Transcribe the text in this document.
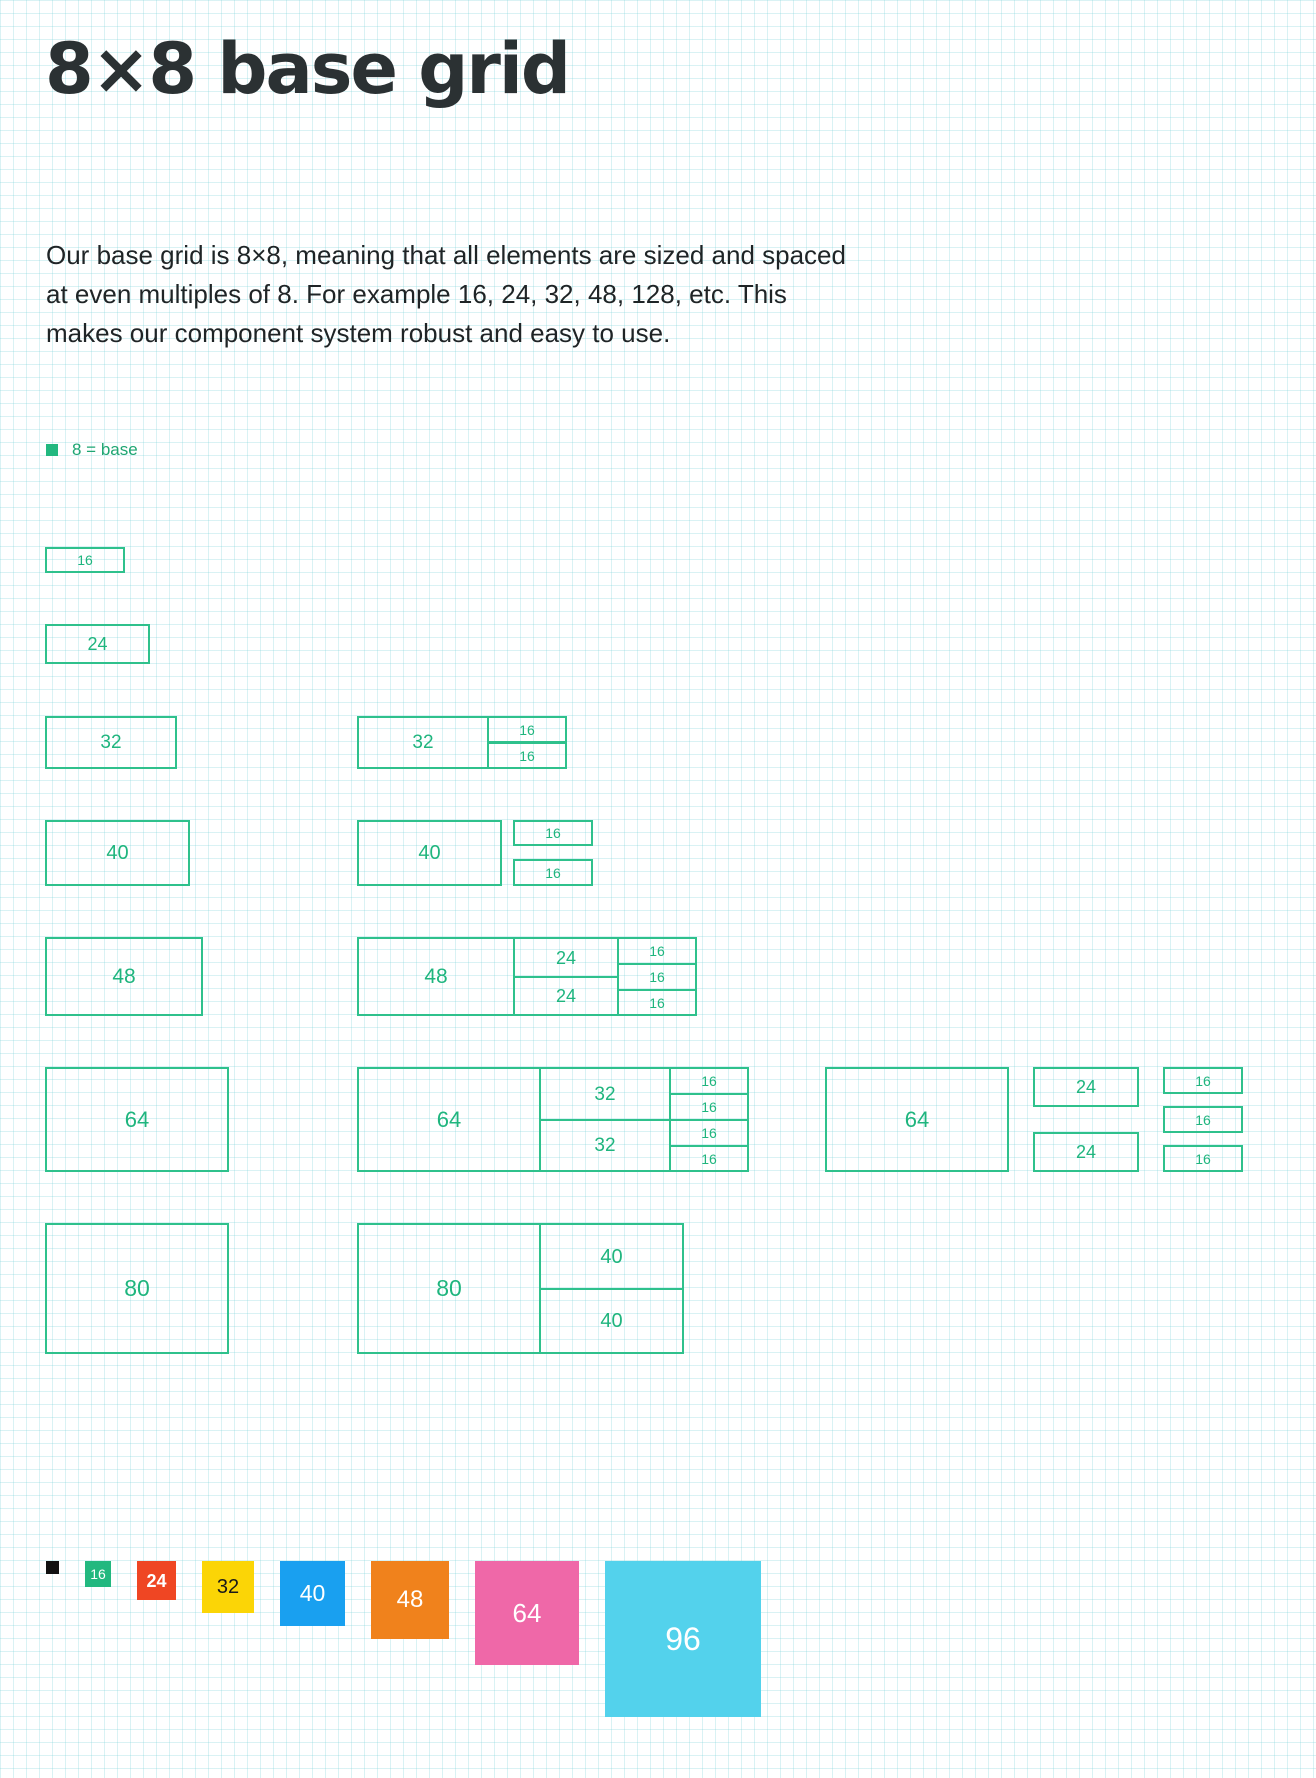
8×8 base grid

Our base grid is 8×8, meaning that all elements are sized and spaced at even multiples of 8. For example 16, 24, 32, 48, 128, etc. This makes our component system robust and easy to use.

8 = base
16
24
32
40
48
64
80
32
16
16
40
16
16
48
24
24
16
16
16
64
32
32
16
16
16
16
64
24
24
16
16
16
80
40
40
16	24	32	40	48	64
96
